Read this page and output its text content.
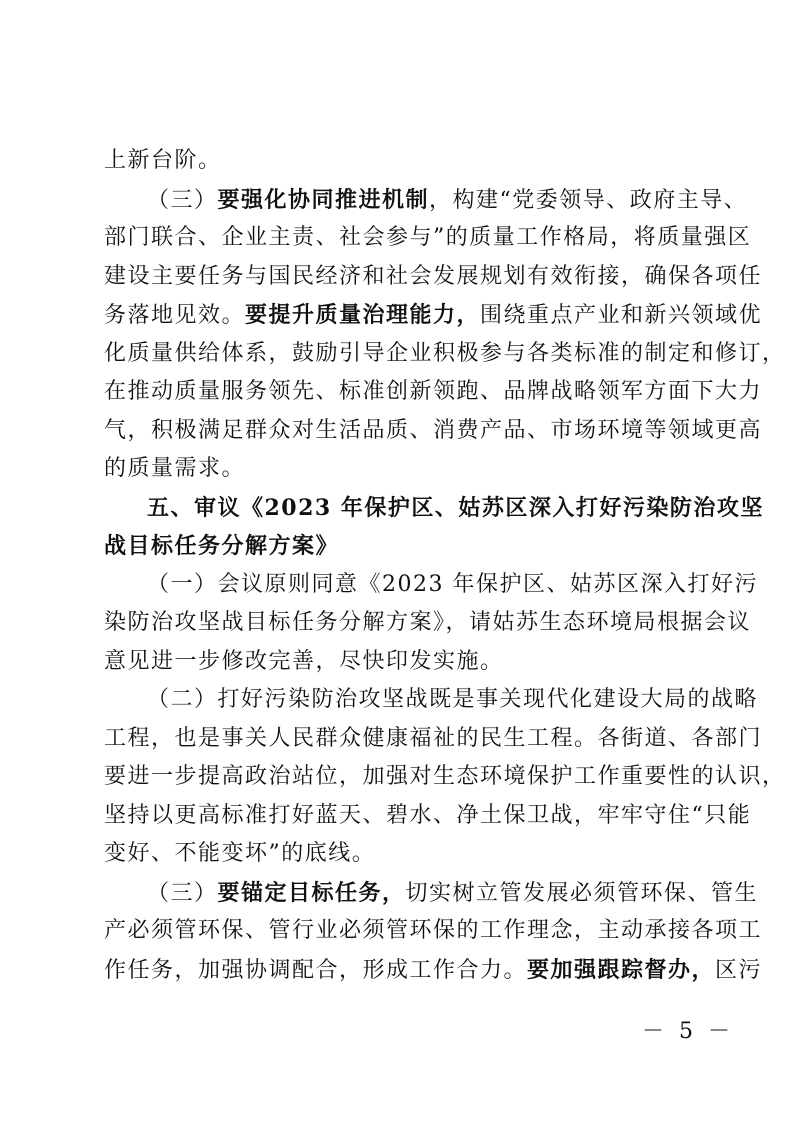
上新台阶。
（三）要强化协同推进机制，构建“党委领导、政府主导、
部门联合、企业主责、社会参与”的质量工作格局，将质量强区
建设主要任务与国民经济和社会发展规划有效衔接，确保各项任
务落地见效。要提升质量治理能力，围绕重点产业和新兴领域优
化质量供给体系，鼓励引导企业积极参与各类标准的制定和修订，
在推动质量服务领先、标准创新领跑、品牌战略领军方面下大力
气，积极满足群众对生活品质、消费产品、市场环境等领域更高
的质量需求。
五、审议《2023 年保护区、姑苏区深入打好污染防治攻坚
战目标任务分解方案》
（一）会议原则同意《2023 年保护区、姑苏区深入打好污
染防治攻坚战目标任务分解方案》，请姑苏生态环境局根据会议
意见进一步修改完善，尽快印发实施。
（二）打好污染防治攻坚战既是事关现代化建设大局的战略
工程，也是事关人民群众健康福祉的民生工程。各街道、各部门
要进一步提高政治站位，加强对生态环境保护工作重要性的认识，
坚持以更高标准打好蓝天、碧水、净土保卫战，牢牢守住“只能
变好、不能变坏”的底线。
（三）要锚定目标任务，切实树立管发展必须管环保、管生
产必须管环保、管行业必须管环保的工作理念，主动承接各项工
作任务，加强协调配合，形成工作合力。要加强跟踪督办，区污
－ 5 －
